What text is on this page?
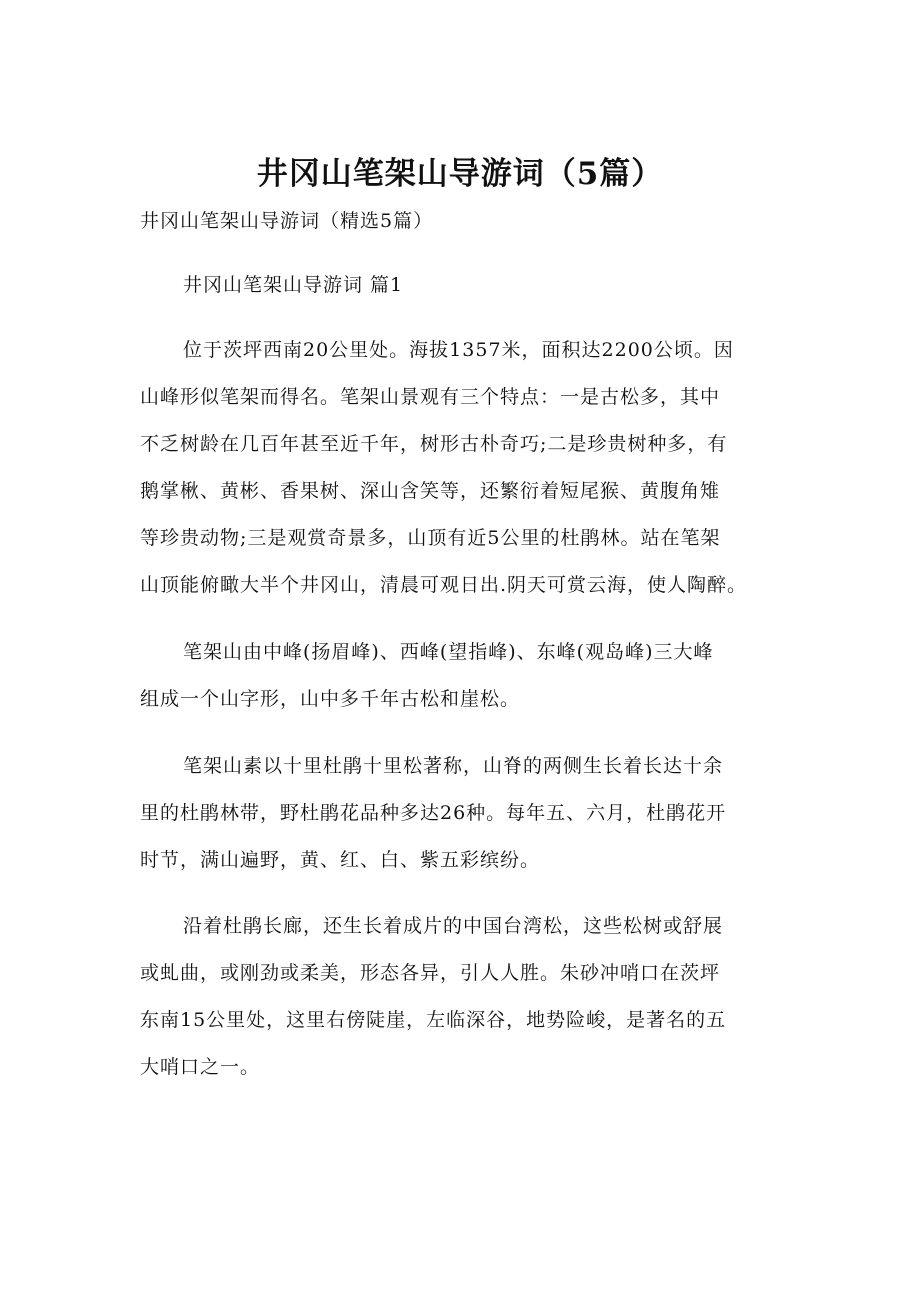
井冈山笔架山导游词（5篇）

井冈山笔架山导游词（精选5篇）

井冈山笔架山导游词 篇1

位于茨坪西南20公里处。海拔1357米，面积达2200公顷。因
山峰形似笔架而得名。笔架山景观有三个特点：一是古松多，其中
不乏树龄在几百年甚至近千年，树形古朴奇巧;二是珍贵树种多，有
鹅掌楸、黄彬、香果树、深山含笑等，还繁衍着短尾猴、黄腹角雉
等珍贵动物;三是观赏奇景多，山顶有近5公里的杜鹃林。站在笔架
山顶能俯瞰大半个井冈山，清晨可观日出.阴天可赏云海，使人陶醉。
笔架山由中峰(扬眉峰)、西峰(望指峰)、东峰(观岛峰)三大峰
组成一个山字形，山中多千年古松和崖松。
笔架山素以十里杜鹃十里松著称，山脊的两侧生长着长达十余
里的杜鹃林带，野杜鹃花品种多达26种。每年五、六月，杜鹃花开
时节，满山遍野，黄、红、白、紫五彩缤纷。
沿着杜鹃长廊，还生长着成片的中国台湾松，这些松树或舒展
或虬曲，或刚劲或柔美，形态各异，引人人胜。朱砂冲哨口在茨坪
东南15公里处，这里右傍陡崖，左临深谷，地势险峻，是著名的五
大哨口之一。
